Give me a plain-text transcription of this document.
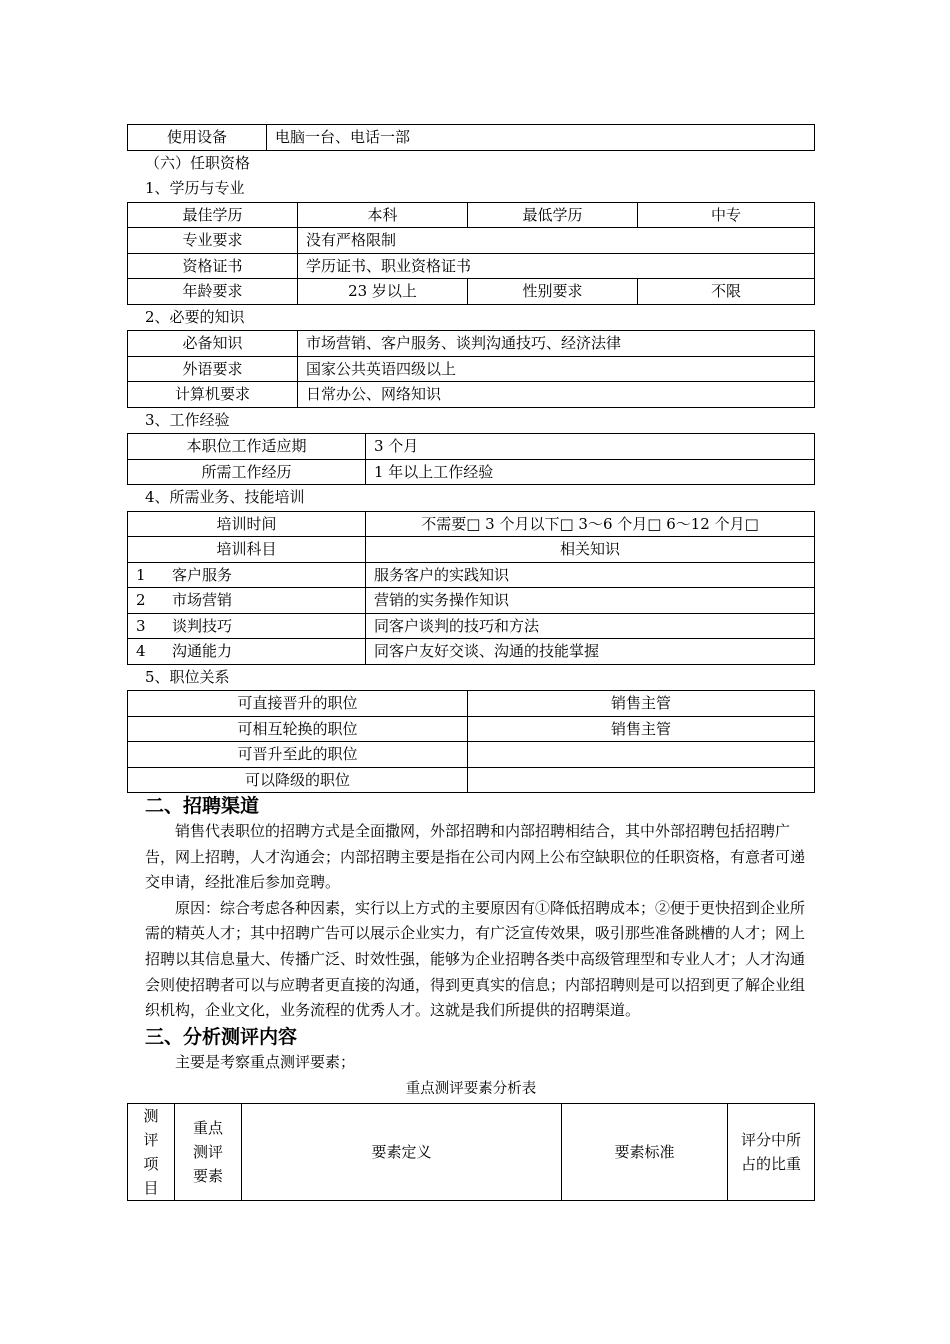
使用设备	电脑一台、电话一部
（六）任职资格
1、学历与专业
最佳学历	本科	最低学历	中专
专业要求	没有严格限制		
资格证书	学历证书、职业资格证书		
年龄要求	23 岁以上	性别要求	不限
2、必要的知识
必备知识	市场营销、客户服务、谈判沟通技巧、经济法律
外语要求	国家公共英语四级以上
计算机要求	日常办公、网络知识
3、工作经验
本职位工作适应期	3 个月
所需工作经历	1 年以上工作经验
4、所需业务、技能培训
培训时间	不需要□ 3 个月以下□ 3～6 个月□ 6～12 个月□
培训科目	相关知识
1 客户服务	服务客户的实践知识
2 市场营销	营销的实务操作知识
3 谈判技巧	同客户谈判的技巧和方法
4 沟通能力	同客户友好交谈、沟通的技能掌握
5、职位关系
可直接晋升的职位	销售主管
可相互轮换的职位	销售主管
可晋升至此的职位	
可以降级的职位	
二、招聘渠道
销售代表职位的招聘方式是全面撒网，外部招聘和内部招聘相结合，其中外部招聘包括招聘广告，网上招聘，人才沟通会；内部招聘主要是指在公司内网上公布空缺职位的任职资格，有意者可递交申请，经批准后参加竞聘。
原因：综合考虑各种因素，实行以上方式的主要原因有①降低招聘成本；②便于更快招到企业所需的精英人才；其中招聘广告可以展示企业实力，有广泛宣传效果，吸引那些准备跳槽的人才；网上招聘以其信息量大、传播广泛、时效性强，能够为企业招聘各类中高级管理型和专业人才；人才沟通会则使招聘者可以与应聘者更直接的沟通，得到更真实的信息；内部招聘则是可以招到更了解企业组织机构，企业文化，业务流程的优秀人才。这就是我们所提供的招聘渠道。
三、分析测评内容
主要是考察重点测评要素；
重点测评要素分析表
测评项目	重点测评要素	要素定义	要素标准	评分中所占的比重
